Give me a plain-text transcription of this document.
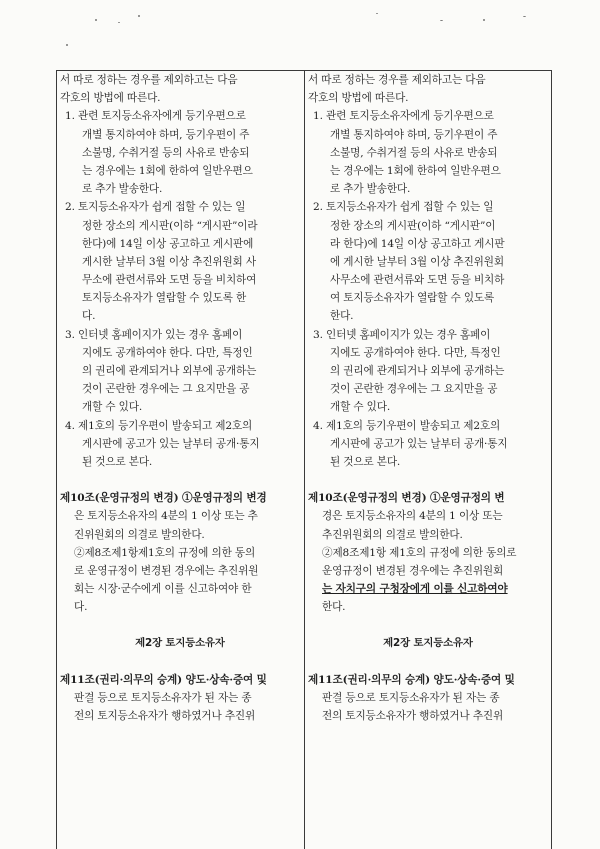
서 따로 정하는 경우를 제외하고는 다음
각호의 방법에 따른다.
1. 관련 토지등소유자에게 등기우편으로
개별 통지하여야 하며, 등기우편이 주
소불명, 수취거절 등의 사유로 반송되
는 경우에는 1회에 한하여 일반우편으
로 추가 발송한다.
2. 토지등소유자가 쉽게 접할 수 있는 일
정한 장소의 게시판(이하 “게시판”이라
한다)에 14일 이상 공고하고 게시판에
게시한 날부터 3월 이상 추진위원회 사
무소에 관련서류와 도면 등을 비치하여
토지등소유자가 열람할 수 있도록 한
다.
3. 인터넷 홈페이지가 있는 경우 홈페이
지에도 공개하여야 한다. 다만, 특정인
의 권리에 관계되거나 외부에 공개하는
것이 곤란한 경우에는 그 요지만을 공
개할 수 있다.
4. 제1호의 등기우편이 발송되고 제2호의
게시판에 공고가 있는 날부터 공개·통지
된 것으로 본다.
제10조(운영규정의 변경) ①운영규정의 변경
은 토지등소유자의 4분의 1 이상 또는 추
진위원회의 의결로 발의한다.
②제8조제1항제1호의 규정에 의한 동의
로 운영규정이 변경된 경우에는 추진위원
회는 시장·군수에게 이를 신고하여야 한
다.
제2장 토지등소유자
제11조(권리·의무의 승계) 양도·상속·증여 및
판결 등으로 토지등소유자가 된 자는 종
전의 토지등소유자가 행하였거나 추진위
서 따로 정하는 경우를 제외하고는 다음
각호의 방법에 따른다.
1. 관련 토지등소유자에게 등기우편으로
개별 통지하여야 하며, 등기우편이 주
소불명, 수취거절 등의 사유로 반송되
는 경우에는 1회에 한하여 일반우편으
로 추가 발송한다.
2. 토지등소유자가 쉽게 접할 수 있는 일
정한 장소의 게시판(이하 “게시판”이
라 한다)에 14일 이상 공고하고 게시판
에 게시한 날부터 3월 이상 추진위원회
사무소에 관련서류와 도면 등을 비치하
여 토지등소유자가 열람할 수 있도록
한다.
3. 인터넷 홈페이지가 있는 경우 홈페이
지에도 공개하여야 한다. 다만, 특정인
의 권리에 관계되거나 외부에 공개하는
것이 곤란한 경우에는 그 요지만을 공
개할 수 있다.
4. 제1호의 등기우편이 발송되고 제2호의
게시판에 공고가 있는 날부터 공개·통지
된 것으로 본다.
제10조(운영규정의 변경) ①운영규정의 변
경은 토지등소유자의 4분의 1 이상 또는
추진위원회의 의결로 발의한다.
②제8조제1항 제1호의 규정에 의한 동의로
운영규정이 변경된 경우에는 추진위원회
는 자치구의 구청장에게 이를 신고하여야
한다.
제2장 토지등소유자
제11조(권리·의무의 승계) 양도·상속·증여 및
판결 등으로 토지등소유자가 된 자는 종
전의 토지등소유자가 행하였거나 추진위
